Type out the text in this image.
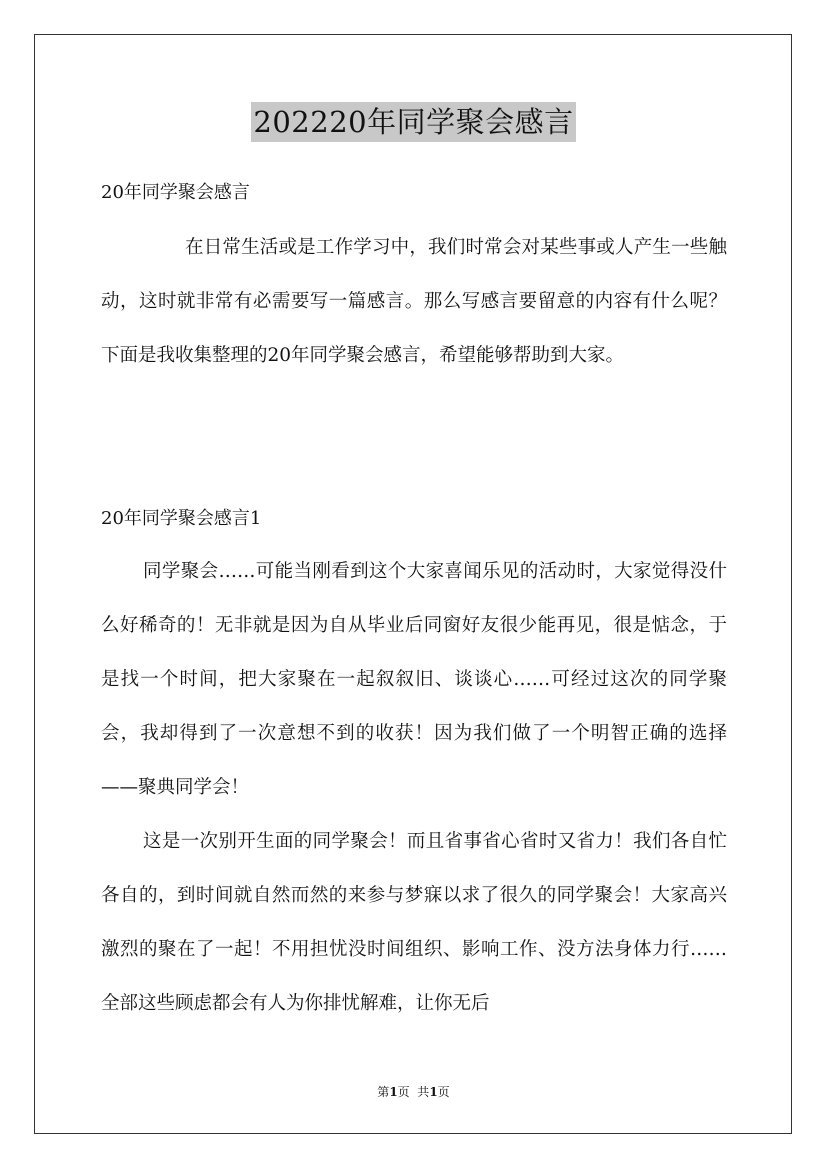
202220年同学聚会感言
20年同学聚会感言

在日常生活或是工作学习中，我们时常会对某些事或人产生一些触动，这时就非常有必需要写一篇感言。那么写感言要留意的内容有什么呢？下面是我收集整理的20年同学聚会感言，希望能够帮助到大家。

20年同学聚会感言1

同学聚会……可能当刚看到这个大家喜闻乐见的活动时，大家觉得没什么好稀奇的！无非就是因为自从毕业后同窗好友很少能再见，很是惦念，于是找一个时间，把大家聚在一起叙叙旧、谈谈心……可经过这次的同学聚会，我却得到了一次意想不到的收获！因为我们做了一个明智正确的选择——聚典同学会！

这是一次别开生面的同学聚会！而且省事省心省时又省力！我们各自忙各自的，到时间就自然而然的来参与梦寐以求了很久的同学聚会！大家高兴激烈的聚在了一起！不用担忧没时间组织、影响工作、没方法身体力行……全部这些顾虑都会有人为你排忧解难，让你无后

第1页  共1页
